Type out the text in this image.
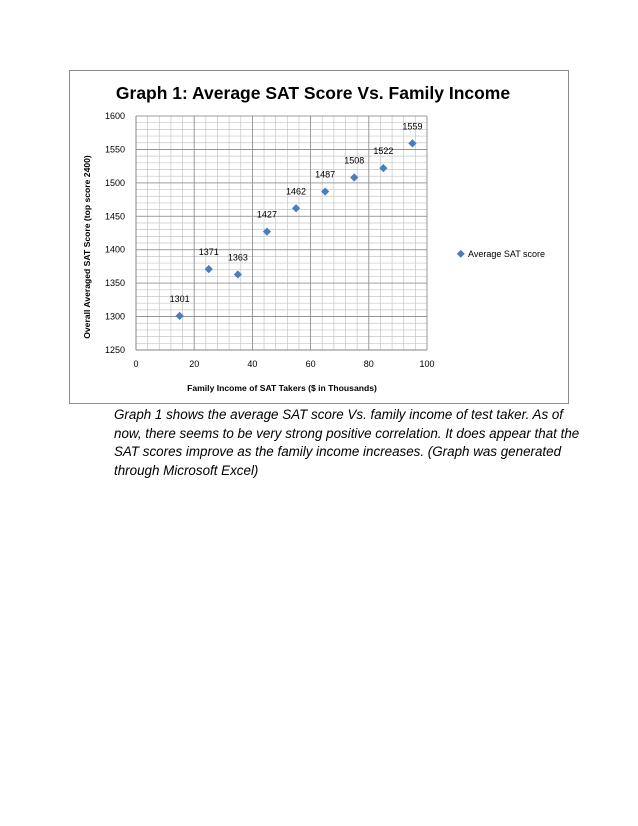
0	20	40	60	80	100
1250
1300
1350
1400
1450
1500
1550
1600
1301
1371
1363
1427
1462
1487
1508
1522
1559
Graph 1: Average SAT Score Vs. Family Income
Family Income of SAT Takers ($ in Thousands)
Overall Averaged SAT Score (top score 2400)	Average SAT score

Graph 1 shows the average SAT score Vs. family income of test taker. As of now, there seems to be very strong positive correlation. It does appear that the SAT scores improve as the family income increases. (Graph was generated through Microsoft Excel)
